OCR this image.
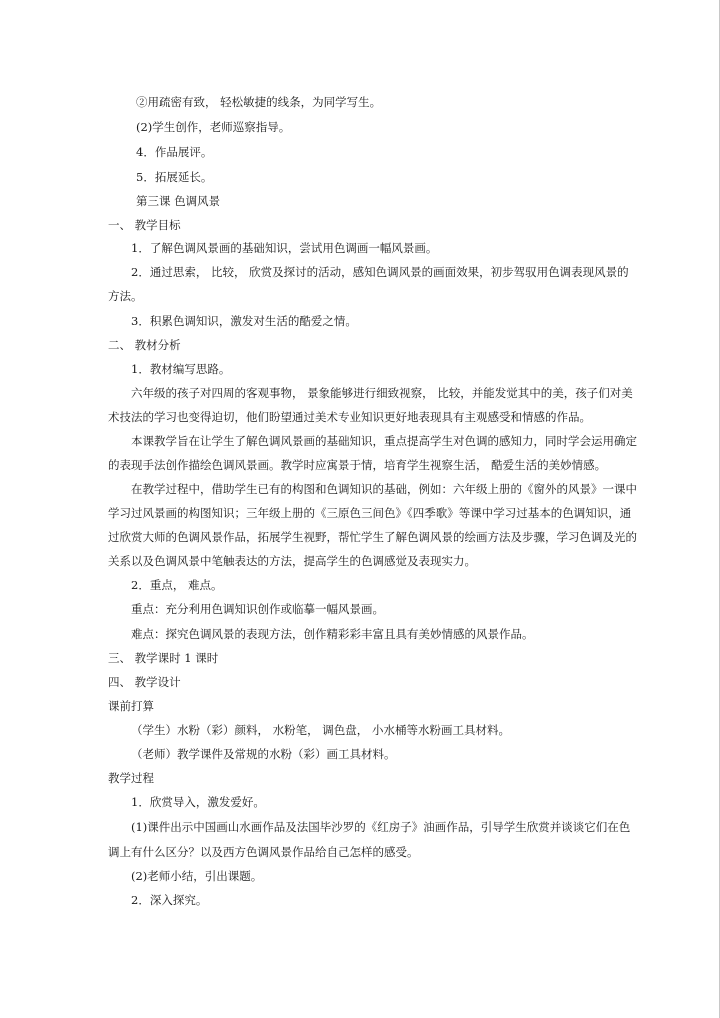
②用疏密有致， 轻松敏捷的线条，为同学写生。
(2)学生创作，老师巡察指导。
4．作品展评。
5．拓展延长。
第三课 色调风景
一、 教学目标
1．了解色调风景画的基础知识，尝试用色调画一幅风景画。
2．通过思索， 比较， 欣赏及探讨的活动，感知色调风景的画面效果，初步驾驭用色调表现风景的
方法。
3．积累色调知识，激发对生活的酷爱之情。
二、 教材分析
1．教材编写思路。
六年级的孩子对四周的客观事物， 景象能够进行细致视察， 比较，并能发觉其中的美，孩子们对美
术技法的学习也变得迫切，他们盼望通过美术专业知识更好地表现具有主观感受和情感的作品。
本课教学旨在让学生了解色调风景画的基础知识，重点提高学生对色调的感知力，同时学会运用确定
的表现手法创作描绘色调风景画。教学时应寓景于情，培育学生视察生活， 酷爱生活的美妙情感。
在教学过程中，借助学生已有的构图和色调知识的基础，例如：六年级上册的《窗外的风景》一课中
学习过风景画的构图知识；三年级上册的《三原色三间色》《四季歌》等课中学习过基本的色调知识，通
过欣赏大师的色调风景作品，拓展学生视野，帮忙学生了解色调风景的绘画方法及步骤，学习色调及光的
关系以及色调风景中笔触表达的方法，提高学生的色调感觉及表现实力。
2．重点， 难点。
重点：充分利用色调知识创作或临摹一幅风景画。
难点：探究色调风景的表现方法，创作精彩彩丰富且具有美妙情感的风景作品。
三、 教学课时 1 课时
四、 教学设计
课前打算
（学生）水粉（彩）颜料， 水粉笔， 调色盘， 小水桶等水粉画工具材料。
（老师）教学课件及常规的水粉（彩）画工具材料。
教学过程
1．欣赏导入，激发爱好。
(1)课件出示中国画山水画作品及法国毕沙罗的《红房子》油画作品，引导学生欣赏并谈谈它们在色
调上有什么区分？以及西方色调风景作品给自己怎样的感受。
(2)老师小结，引出课题。
2．深入探究。
